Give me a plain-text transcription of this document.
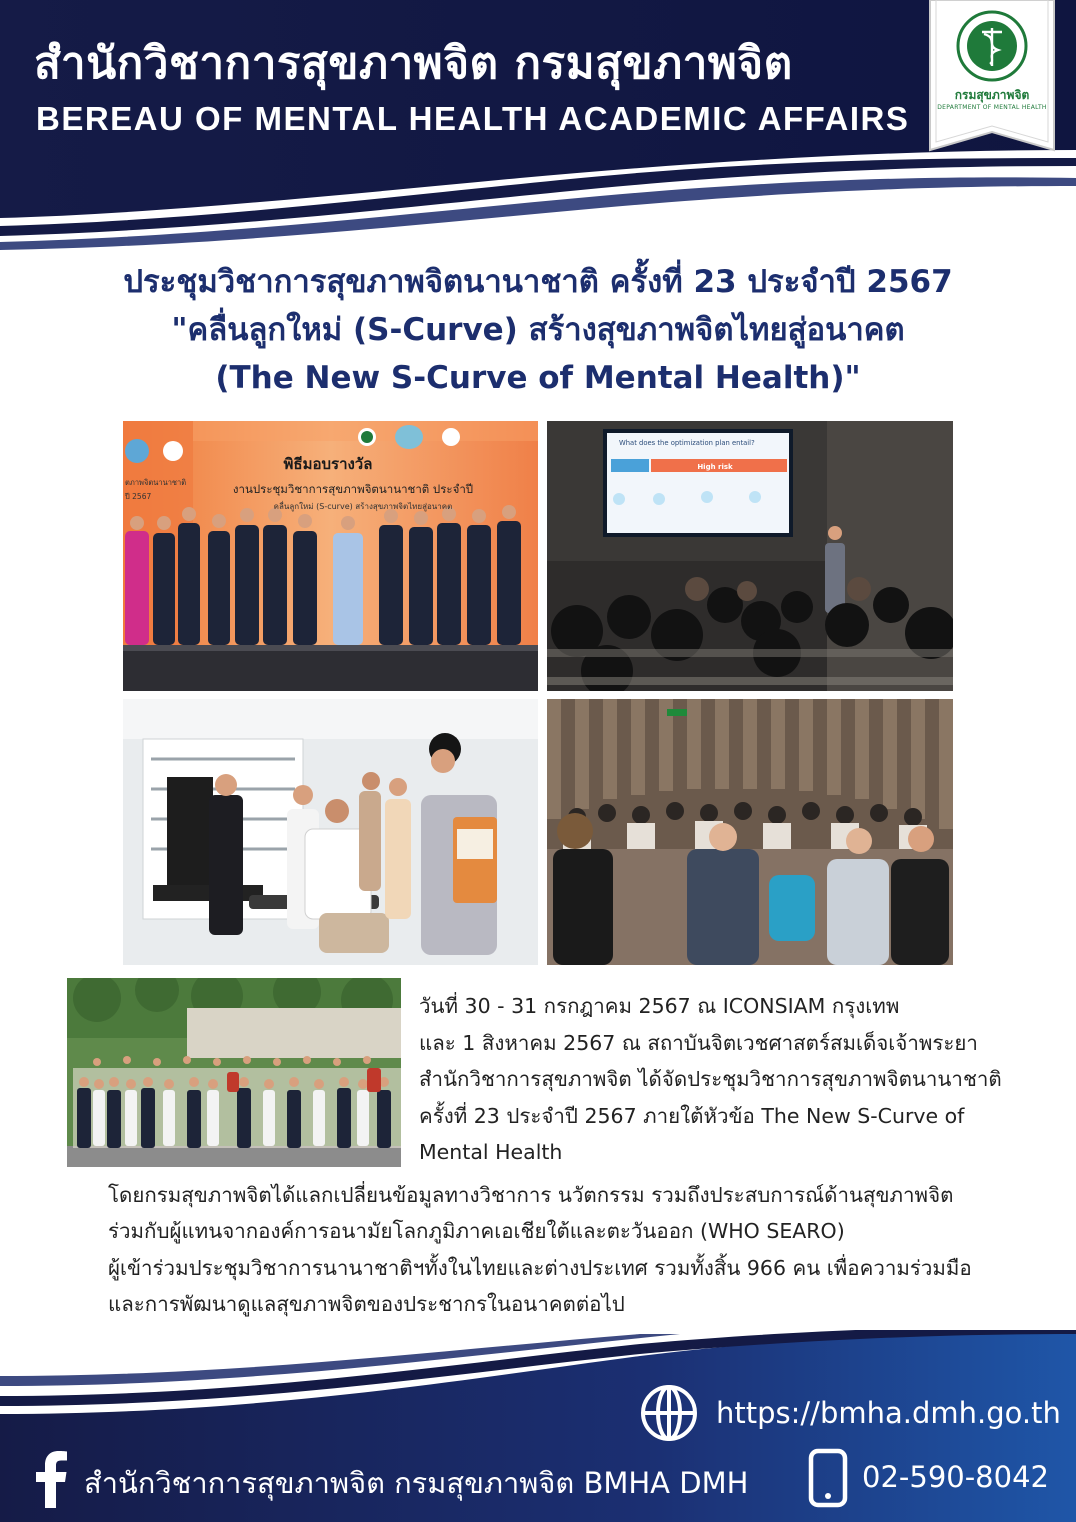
สำนักวิชาการสุขภาพจิต กรมสุขภาพจิต
BEREAU OF MENTAL HEALTH ACADEMIC AFFAIRS
กรมสุขภาพจิต
DEPARTMENT OF MENTAL HEALTH

ประชุมวิชาการสุขภาพจิตนานาชาติ ครั้งที่ 23 ประจำปี 2567

"คลื่นลูกใหม่ (S-Curve) สร้างสุขภาพจิตไทยสู่อนาคต

(The New S-Curve of Mental Health)"

พิธีมอบรางวัล
งานประชุมวิชาการสุขภาพจิตนานาชาติ ประจำปี
คลื่นลูกใหม่ (S-curve) สร้างสุขภาพจิตไทยสู่อนาคต
ตภาพจิตนานาชาติ
ปี 2567
What does the optimization plan entail?
High risk
วันที่ 30 - 31 กรกฎาคม 2567 ณ ICONSIAM กรุงเทพ
และ 1 สิงหาคม 2567 ณ สถาบันจิตเวชศาสตร์สมเด็จเจ้าพระยา
สำนักวิชาการสุขภาพจิต ได้จัดประชุมวิชาการสุขภาพจิตนานาชาติ
ครั้งที่ 23 ประจำปี 2567 ภายใต้หัวข้อ The New S-Curve of
Mental Health
โดยกรมสุขภาพจิตได้แลกเปลี่ยนข้อมูลทางวิชาการ นวัตกรรม รวมถึงประสบการณ์ด้านสุขภาพจิต
ร่วมกับผู้แทนจากองค์การอนามัยโลกภูมิภาคเอเชียใต้และตะวันออก (WHO SEARO)
ผู้เข้าร่วมประชุมวิชาการนานาชาติฯทั้งในไทยและต่างประเทศ รวมทั้งสิ้น 966 คน เพื่อความร่วมมือ
และการพัฒนาดูแลสุขภาพจิตของประชากรในอนาคตต่อไป
https://bmha.dmh.go.th
สำนักวิชาการสุขภาพจิต กรมสุขภาพจิต BMHA DMH	02-590-8042
